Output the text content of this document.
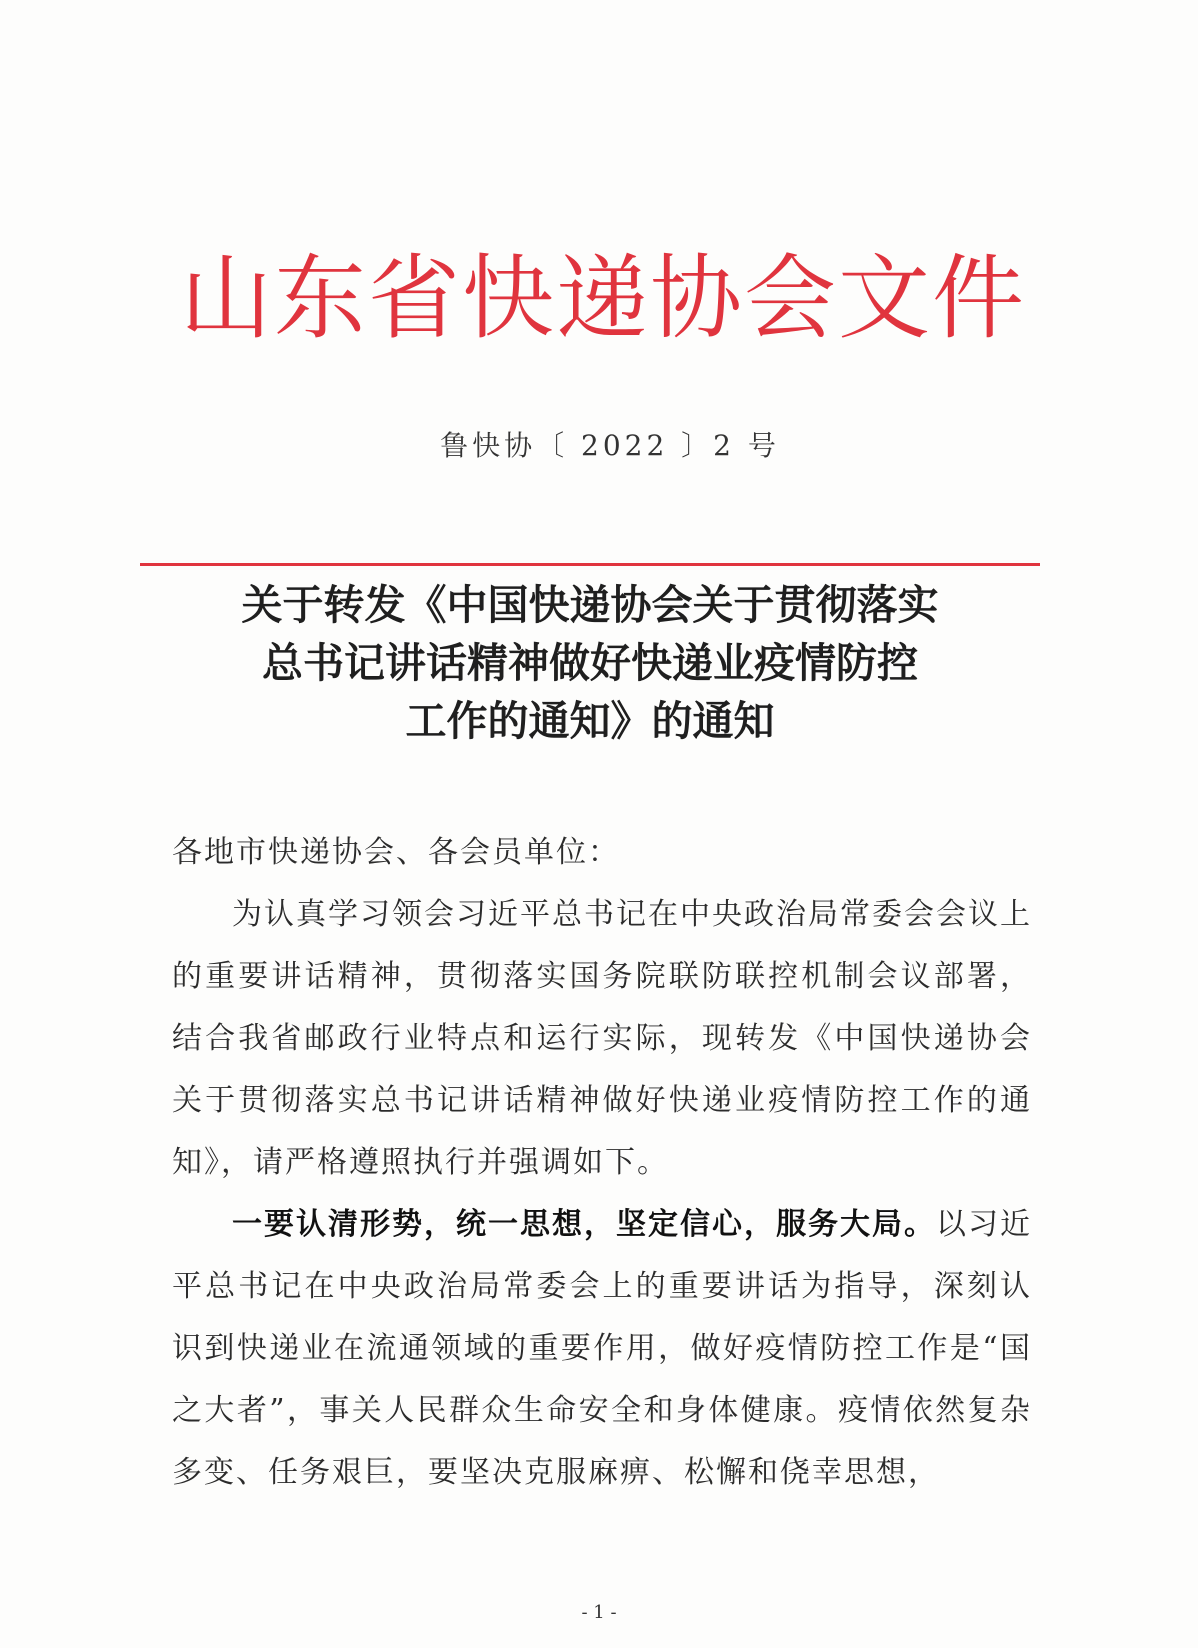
山东省快递协会文件
鲁快协〔 2022 〕2 号
关于转发《中国快递协会关于贯彻落实
总书记讲话精神做好快递业疫情防控
工作的通知》的通知

各地市快递协会、各会员单位：

为认真学习领会习近平总书记在中央政治局常委会会议上的重要讲话精神，贯彻落实国务院联防联控机制会议部署，结合我省邮政行业特点和运行实际，现转发《中国快递协会关于贯彻落实总书记讲话精神做好快递业疫情防控工作的通知》，请严格遵照执行并强调如下。

一要认清形势，统一思想，坚定信心，服务大局。以习近平总书记在中央政治局常委会上的重要讲话为指导，深刻认识到快递业在流通领域的重要作用，做好疫情防控工作是“国之大者”，事关人民群众生命安全和身体健康。疫情依然复杂多变、任务艰巨，要坚决克服麻痹、松懈和侥幸思想，

- 1 -
